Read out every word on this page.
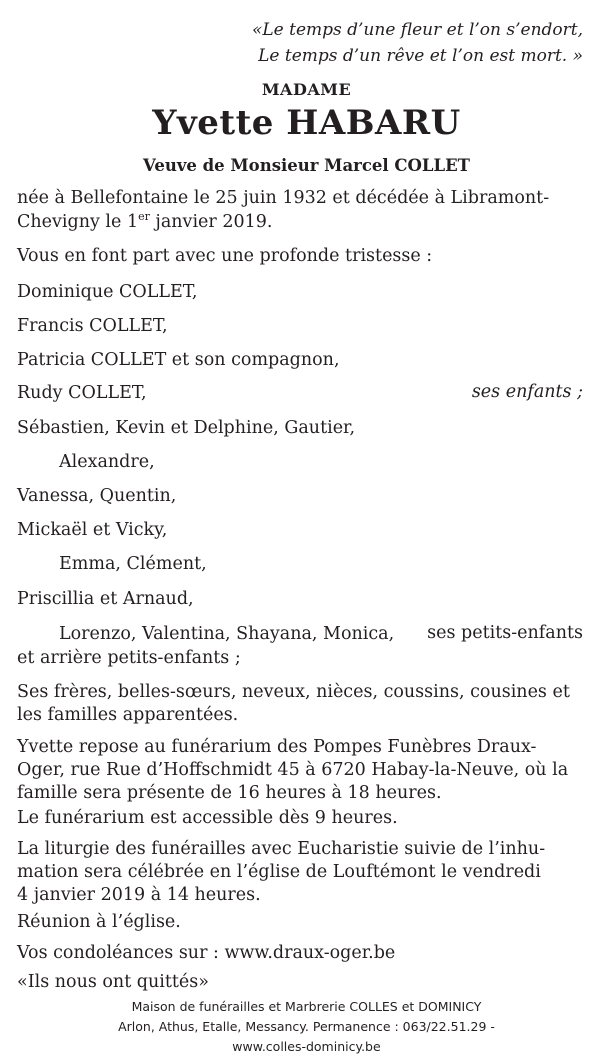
«Le temps d’une fleur et l’on s’endort,
Le temps d’un rêve et l’on est mort. »
MADAME
Yvette HABARU
Veuve de Monsieur Marcel COLLET
née à Bellefontaine le 25 juin 1932 et décédée à Libramont-
Chevigny le 1er janvier 2019.
Vous en font part avec une profonde tristesse :
Dominique COLLET,
Francis COLLET,
Patricia COLLET et son compagnon,
Rudy COLLET,	ses enfants ;
Sébastien, Kevin et Delphine, Gautier,
Alexandre,
Vanessa, Quentin,
Mickaël et Vicky,
Emma, Clément,
Priscillia et Arnaud,
Lorenzo, Valentina, Shayana, Monica, ses petits-enfants
et arrière petits-enfants ;
Ses frères, belles-sœurs, neveux, nièces, coussins, cousines et
les familles apparentées.
Yvette repose au funérarium des Pompes Funèbres Draux-
Oger, rue Rue d’Hoffschmidt 45 à 6720 Habay-la-Neuve, où la
famille sera présente de 16 heures à 18 heures.
Le funérarium est accessible dès 9 heures.
La liturgie des funérailles avec Eucharistie suivie de l’inhu-
mation sera célébrée en l’église de Louftémont le vendredi
4 janvier 2019 à 14 heures.
Réunion à l’église.
Vos condoléances sur : www.draux-oger.be
«Ils nous ont quittés»
Maison de funérailles et Marbrerie COLLES et DOMINICY
Arlon, Athus, Etalle, Messancy. Permanence : 063/22.51.29 -
www.colles-dominicy.be
